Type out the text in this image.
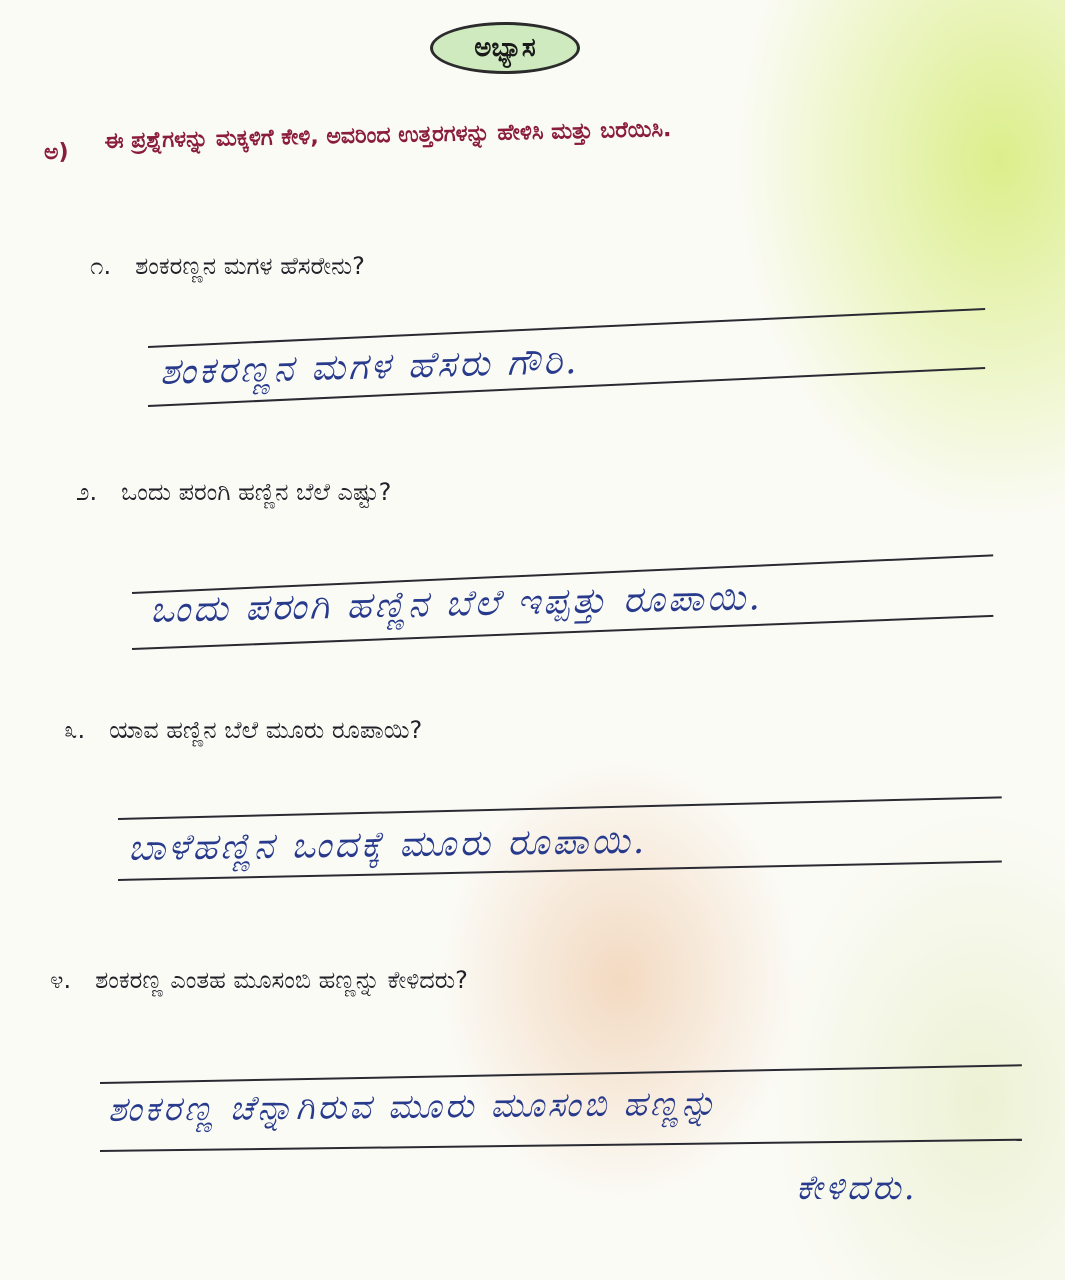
ಅಭ್ಯಾಸ
ಅ) ಈ ಪ್ರಶ್ನೆಗಳನ್ನು ಮಕ್ಕಳಿಗೆ ಕೇಳಿ, ಅವರಿಂದ ಉತ್ತರಗಳನ್ನು ಹೇಳಿಸಿ ಮತ್ತು ಬರೆಯಿಸಿ.
೧. ಶಂಕರಣ್ಣನ ಮಗಳ ಹೆಸರೇನು?
ಶಂಕರಣ್ಣನ ಮಗಳ ಹೆಸರು ಗೌರಿ.
೨. ಒಂದು ಪರಂಗಿ ಹಣ್ಣಿನ ಬೆಲೆ ಎಷ್ಟು?
ಒಂದು ಪರಂಗಿ ಹಣ್ಣಿನ ಬೆಲೆ ಇಪ್ಪತ್ತು ರೂಪಾಯಿ.
೩. ಯಾವ ಹಣ್ಣಿನ ಬೆಲೆ ಮೂರು ರೂಪಾಯಿ?
ಬಾಳೆಹಣ್ಣಿನ ಒಂದಕ್ಕೆ ಮೂರು ರೂಪಾಯಿ.
೪. ಶಂಕರಣ್ಣ ಎಂತಹ ಮೂಸಂಬಿ ಹಣ್ಣನ್ನು ಕೇಳಿದರು?
ಶಂಕರಣ್ಣ ಚೆನ್ನಾಗಿರುವ ಮೂರು ಮೂಸಂಬಿ ಹಣ್ಣನ್ನು
ಕೇಳಿದರು.
